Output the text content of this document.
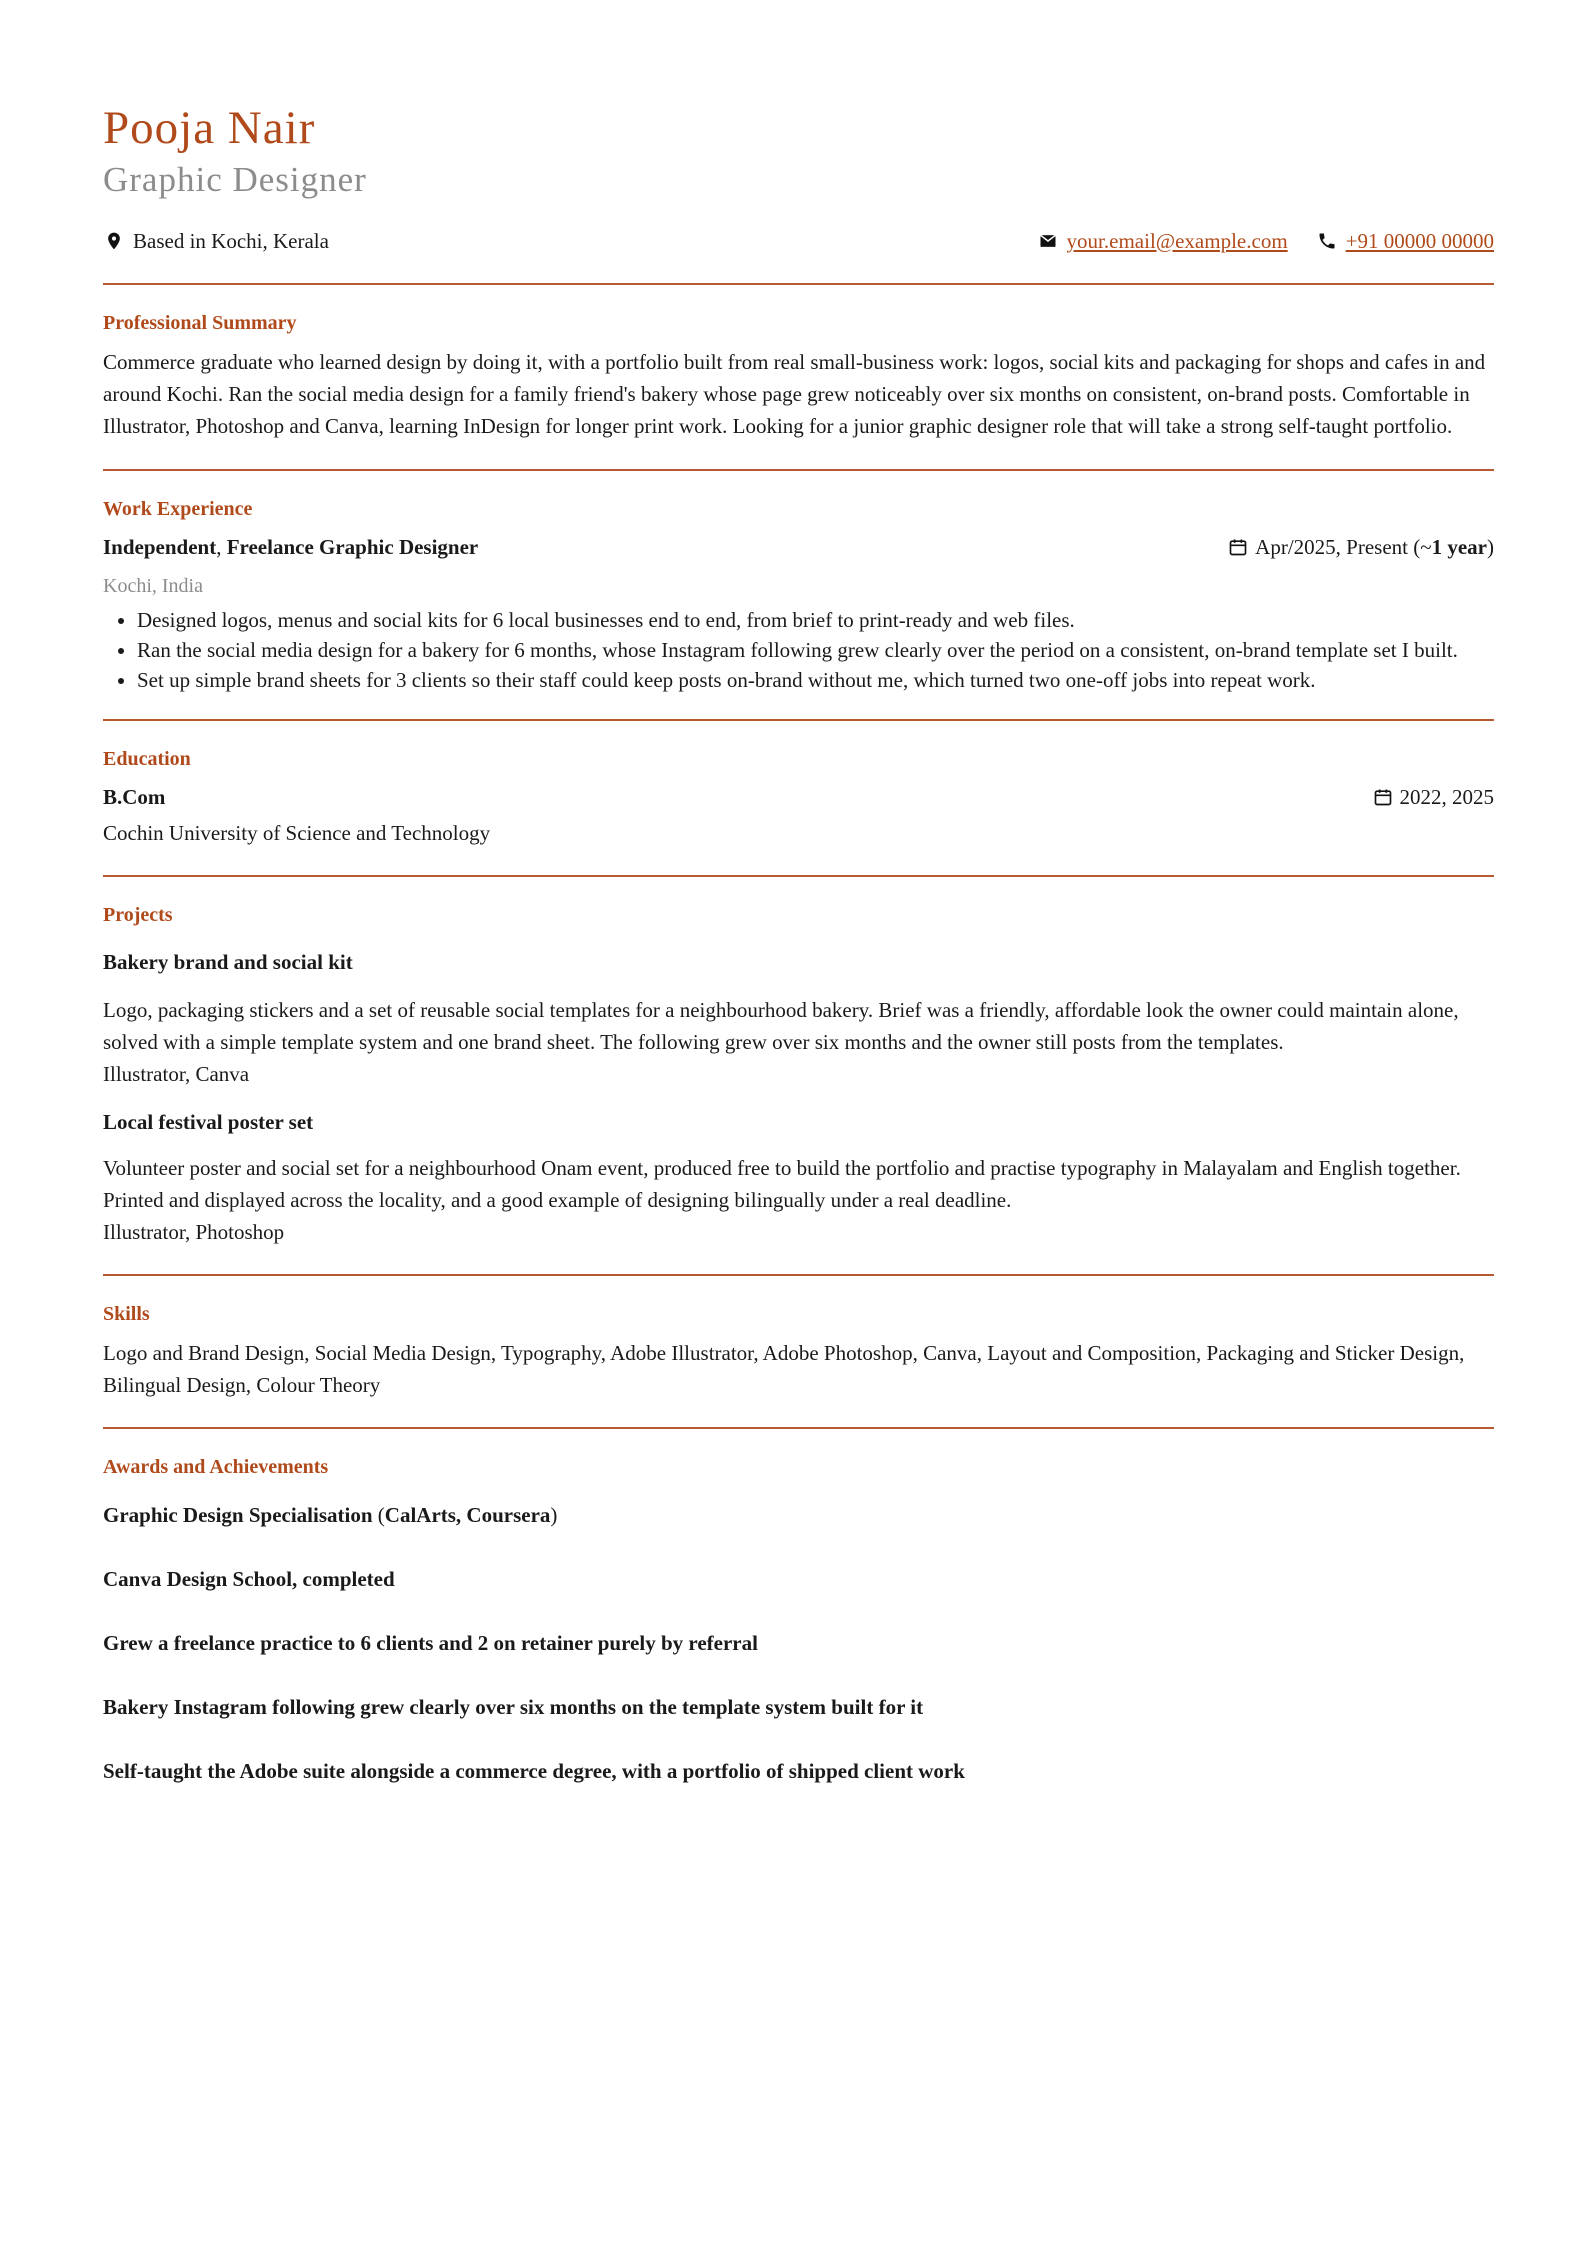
Pooja Nair
Graphic Designer
Based in Kochi, Kerala	your.email@example.com	+91 00000 00000
Professional Summary

Commerce graduate who learned design by doing it, with a portfolio built from real small-business work: logos, social kits and packaging for shops and cafes in and around Kochi. Ran the social media design for a family friend's bakery whose page grew noticeably over six months on consistent, on-brand posts. Comfortable in Illustrator, Photoshop and Canva, learning InDesign for longer print work. Looking for a junior graphic designer role that will take a strong self-taught portfolio.

Work Experience
Independent, Freelance Graphic Designer	Apr/2025, Present (~ 1 year )
Kochi, India
• Designed logos, menus and social kits for 6 local businesses end to end, from brief to print-ready and web files.
• Ran the social media design for a bakery for 6 months, whose Instagram following grew clearly over the period on a consistent, on-brand template set I built.
• Set up simple brand sheets for 3 clients so their staff could keep posts on-brand without me, which turned two one-off jobs into repeat work.
Education
B.Com	2022, 2025
Cochin University of Science and Technology
Projects

Bakery brand and social kit

Logo, packaging stickers and a set of reusable social templates for a neighbourhood bakery. Brief was a friendly, affordable look the owner could maintain alone, solved with a simple template system and one brand sheet. The following grew over six months and the owner still posts from the templates.

Illustrator, Canva

Local festival poster set

Volunteer poster and social set for a neighbourhood Onam event, produced free to build the portfolio and practise typography in Malayalam and English together. Printed and displayed across the locality, and a good example of designing bilingually under a real deadline.

Illustrator, Photoshop

Skills

Logo and Brand Design, Social Media Design, Typography, Adobe Illustrator, Adobe Photoshop, Canva, Layout and Composition, Packaging and Sticker Design, Bilingual Design, Colour Theory

Awards and Achievements

Graphic Design Specialisation (CalArts, Coursera)

Canva Design School, completed

Grew a freelance practice to 6 clients and 2 on retainer purely by referral

Bakery Instagram following grew clearly over six months on the template system built for it

Self-taught the Adobe suite alongside a commerce degree, with a portfolio of shipped client work
